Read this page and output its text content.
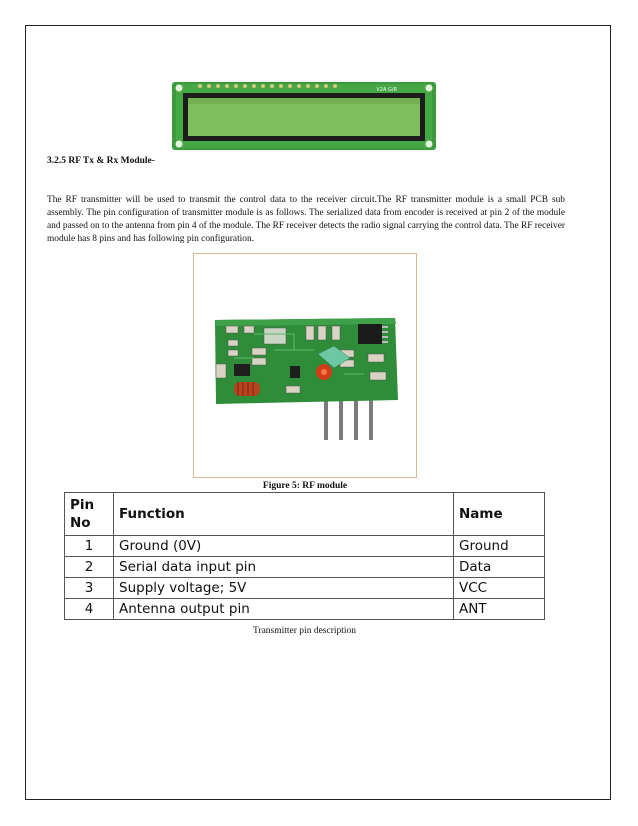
V2A G/R
3.2.5 RF Tx & Rx Module-
The RF transmitter will be used to transmit the control data to the receiver circuit.The RF transmitter module is a small PCB sub assembly. The pin configuration of transmitter module is as follows. The serialized data from encoder is received at pin 2 of the module and passed on to the antenna from pin 4 of the module. The RF receiver detects the radio signal carrying the control data. The RF receiver module has 8 pins and has following pin configuration.
Figure 5: RF module
Pin
No	Function	Name
1	Ground (0V)	Ground
2	Serial data input pin	Data
3	Supply voltage; 5V	VCC
4	Antenna output pin	ANT
Transmitter pin description
